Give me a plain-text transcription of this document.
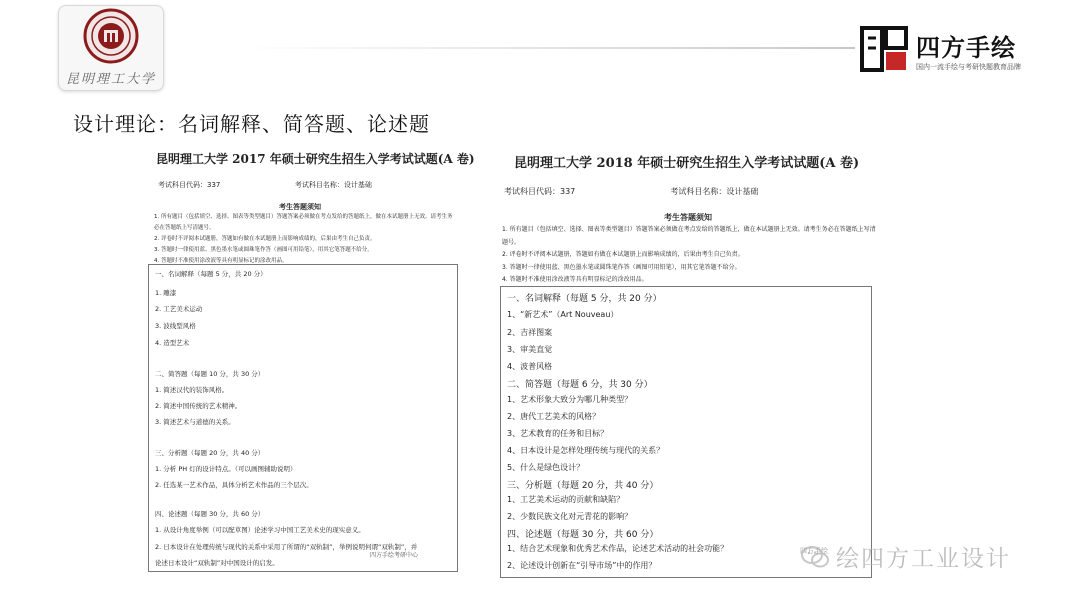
昆明理工大学
四方手绘
国内一流手绘与考研快题教育品牌
设计理论：名词解释、简答题、论述题
昆明理工大学 2017 年硕士研究生招生入学考试试题(A 卷)
考试科目代码：337	考试科目名称：设计基础
考生答题须知
1. 所有题目（包括填空、选择、图表等类型题目）答题答案必须做在考点发给的答题纸上，做在本试题册上无效。请考生务必在答题纸上写清题号。
2. 评卷时不评阅本试题册，答题如有做在本试题册上而影响成绩的，后果由考生自己负责。
3. 答题时一律使用蓝、黑色墨水笔或圆珠笔作答（画图可用铅笔），用其它笔答题不给分。
4. 答题时不准使用涂改液等具有明显标记的涂改用品。
一、名词解释（每题 5 分，共 20 分）
1. 雕漆
2. 工艺美术运动
3. 波线型风格
4. 造型艺术
二、简答题（每题 10 分，共 30 分）
1. 简述汉代的装饰风格。
2. 简述中国传统的艺术精神。
3. 简述艺术与道德的关系。
三、分析题（每题 20 分，共 40 分）
1. 分析 PH 灯的设计特点。（可以画图辅助说明）
2. 任选某一艺术作品，具体分析艺术作品的三个层次。
四、论述题（每题 30 分，共 60 分）
1. 从设计角度举例（可以配草图）论述学习中国工艺美术史的现实意义。
2. 日本设计在处理传统与现代的关系中采用了所谓的“双轨制”，举例说明何谓“双轨制”，并
论述日本设计“双轨制”对中国设计的启发。
四方手绘考研中心
昆明理工大学 2018 年硕士研究生招生入学考试试题(A 卷)
考试科目代码：337	考试科目名称：设计基础
考生答题须知
1. 所有题目（包括填空、选择、图表等类型题目）答题答案必须做在考点发给的答题纸上，做在本试题册上无效。请考生务必在答题纸上写清题号。
2. 评卷时不评阅本试题册，答题如有做在本试题册上而影响成绩的，后果由考生自己负责。
3. 答题时一律使用蓝、黑色墨水笔或圆珠笔作答（画图可用铅笔），用其它笔答题不给分。
4. 答题时不准使用涂改液等具有明显标记的涂改用品。
一、名词解释（每题 5 分，共 20 分）
1、“新艺术”（Art Nouveau）
2、吉祥图案
3、审美直觉
4、波普风格
二、简答题（每题 6 分，共 30 分）
1、艺术形象大致分为哪几种类型？
2、唐代工艺美术的风格？
3、艺术教育的任务和目标？
4、日本设计是怎样处理传统与现代的关系？
5、什么是绿色设计？
三、分析题（每题 20 分，共 40 分）
1、工艺美术运动的贡献和缺陷？
2、少数民族文化对元青花的影响？
四、论述题（每题 30 分，共 60 分）
1、结合艺术现象和优秀艺术作品，论述艺术活动的社会功能？
2、论述设计创新在“引导市场”中的作用？
四方手绘 绘四方工业设计
